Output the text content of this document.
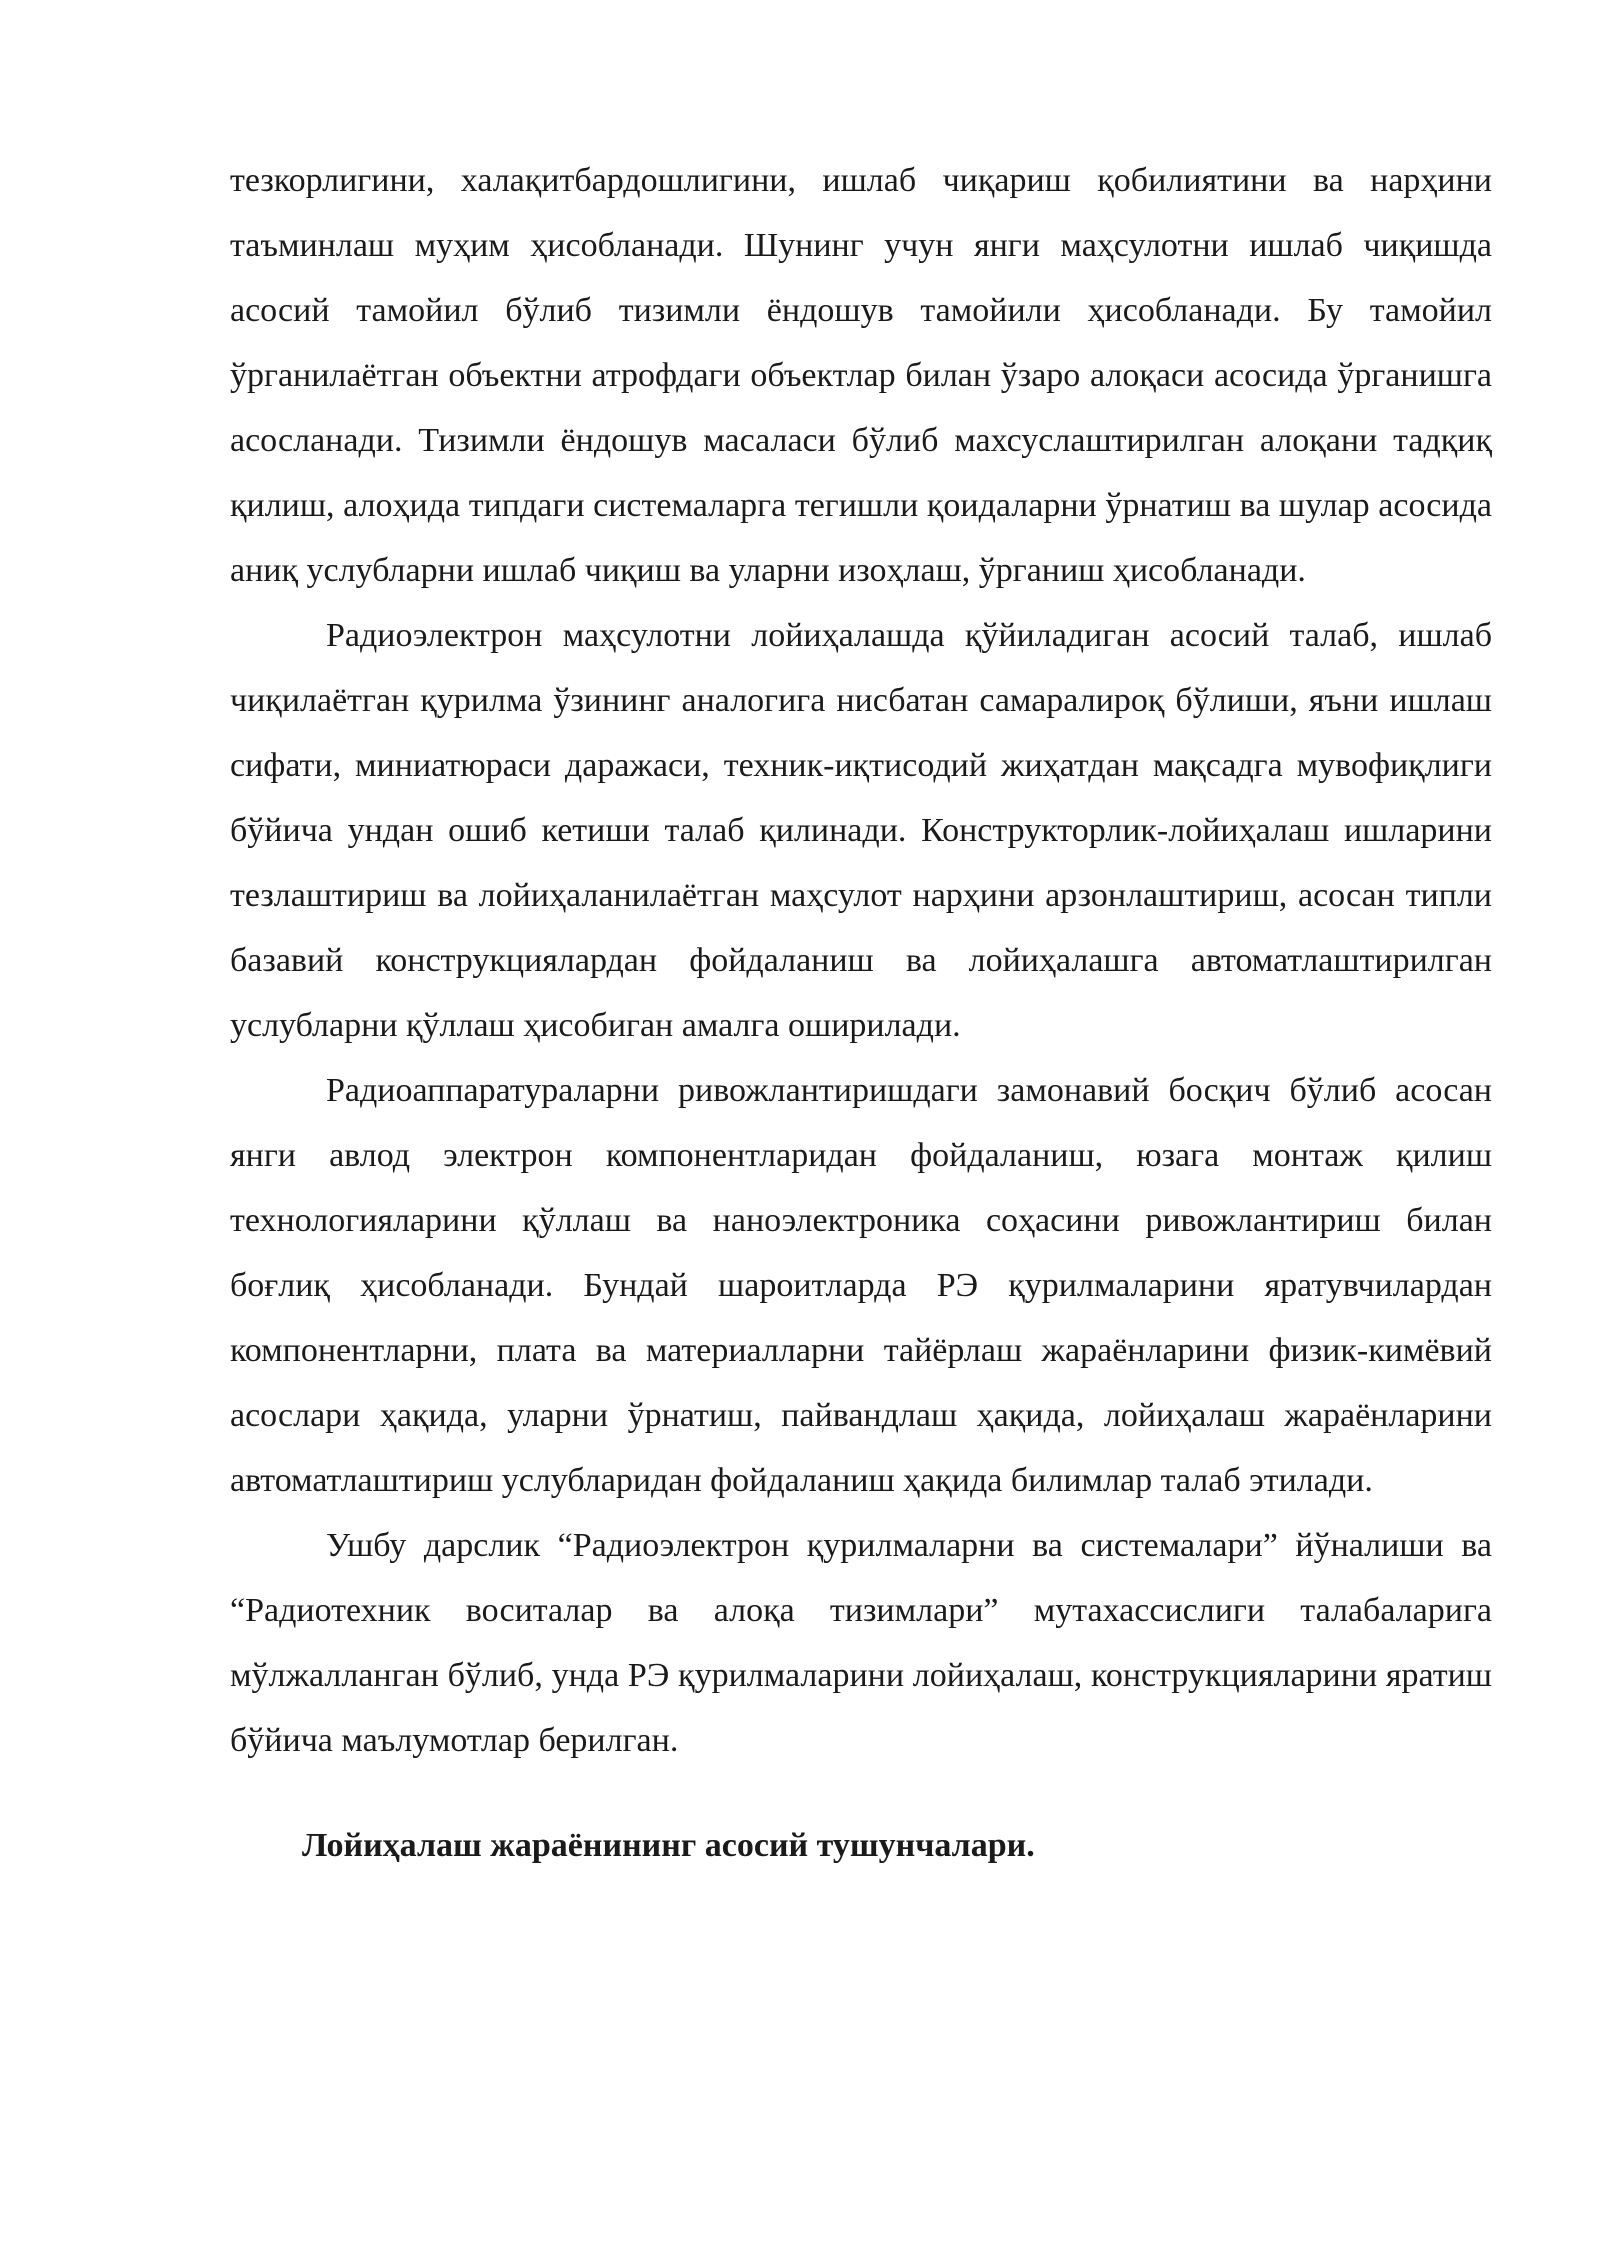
тезкорлигини, халақитбардошлигини, ишлаб чиқариш қобилиятини ва нарҳини таъминлаш муҳим ҳисобланади. Шунинг учун янги маҳсулотни ишлаб чиқишда асосий тамойил бўлиб тизимли ёндошув тамойили ҳисобланади. Бу тамойил ўрганилаётган объектни атрофдаги объектлар билан ўзаро алоқаси асосида ўрганишга асосланади. Тизимли ёндошув масаласи бўлиб махсуслаштирилган алоқани тадқиқ қилиш, алоҳида типдаги системаларга тегишли қоидаларни ўрнатиш ва шулар асосида аниқ услубларни ишлаб чиқиш ва уларни изоҳлаш, ўрганиш ҳисобланади.

Радиоэлектрон маҳсулотни лойиҳалашда қўйиладиган асосий талаб, ишлаб чиқилаётган қурилма ўзининг аналогига нисбатан самаралироқ бўлиши, яъни ишлаш сифати, миниатюраси даражаси, техник-иқтисодий жиҳатдан мақсадга мувофиқлиги бўйича ундан ошиб кетиши талаб қилинади. Конструкторлик-лойиҳалаш ишларини тезлаштириш ва лойиҳаланилаётган маҳсулот нарҳини арзонлаштириш, асосан типли базавий конструкциялардан фойдаланиш ва лойиҳалашга автоматлаштирилган услубларни қўллаш ҳисобиган амалга оширилади.

Радиоаппаратураларни ривожлантиришдаги замонавий босқич бўлиб асосан янги авлод электрон компонентларидан фойдаланиш, юзага монтаж қилиш технологияларини қўллаш ва наноэлектроника соҳасини ривожлантириш билан боғлиқ ҳисобланади. Бундай шароитларда РЭ қурилмаларини яратувчилардан компонентларни, плата ва материалларни тайёрлаш жараёнларини физик-кимёвий асослари ҳақида, уларни ўрнатиш, пайвандлаш ҳақида, лойиҳалаш жараёнларини автоматлаштириш услубларидан фойдаланиш ҳақида билимлар талаб этилади.

Ушбу дарслик “Радиоэлектрон қурилмаларни ва системалари” йўналиши ва “Радиотехник воситалар ва алоқа тизимлари” мутахассислиги талабаларига мўлжалланган бўлиб, унда РЭ қурилмаларини лойиҳалаш, конструкцияларини яратиш бўйича маълумотлар берилган.

Лойиҳалаш жараёнининг асосий тушунчалари.
